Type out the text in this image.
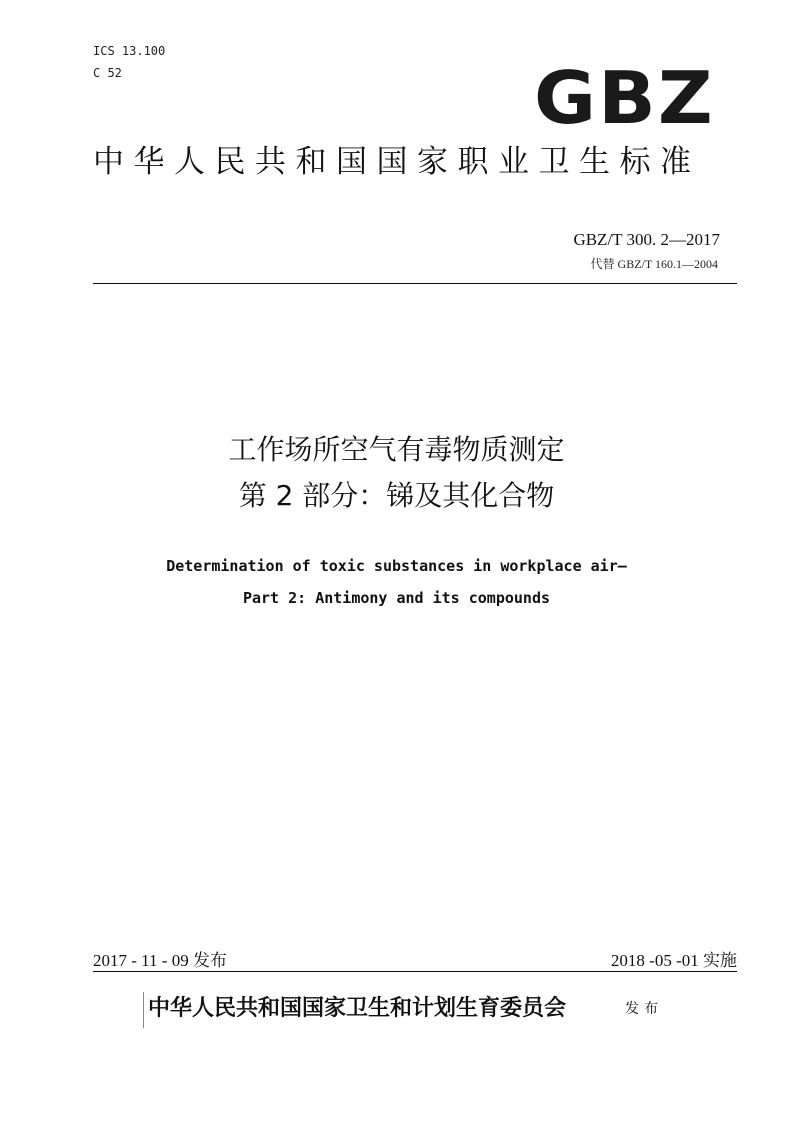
ICS 13.100
C 52	GBZ
中华人民共和国国家职业卫生标准
GBZ/T 300. 2—2017
代替 GBZ/T 160.1—2004
工作场所空气有毒物质测定
第 2 部分：锑及其化合物
Determination of toxic substances in workplace air—
Part 2: Antimony and its compounds
2017 - 11 - 09 发布	2018 -05 -01 实施
中华人民共和国国家卫生和计划生育委员会	发布
